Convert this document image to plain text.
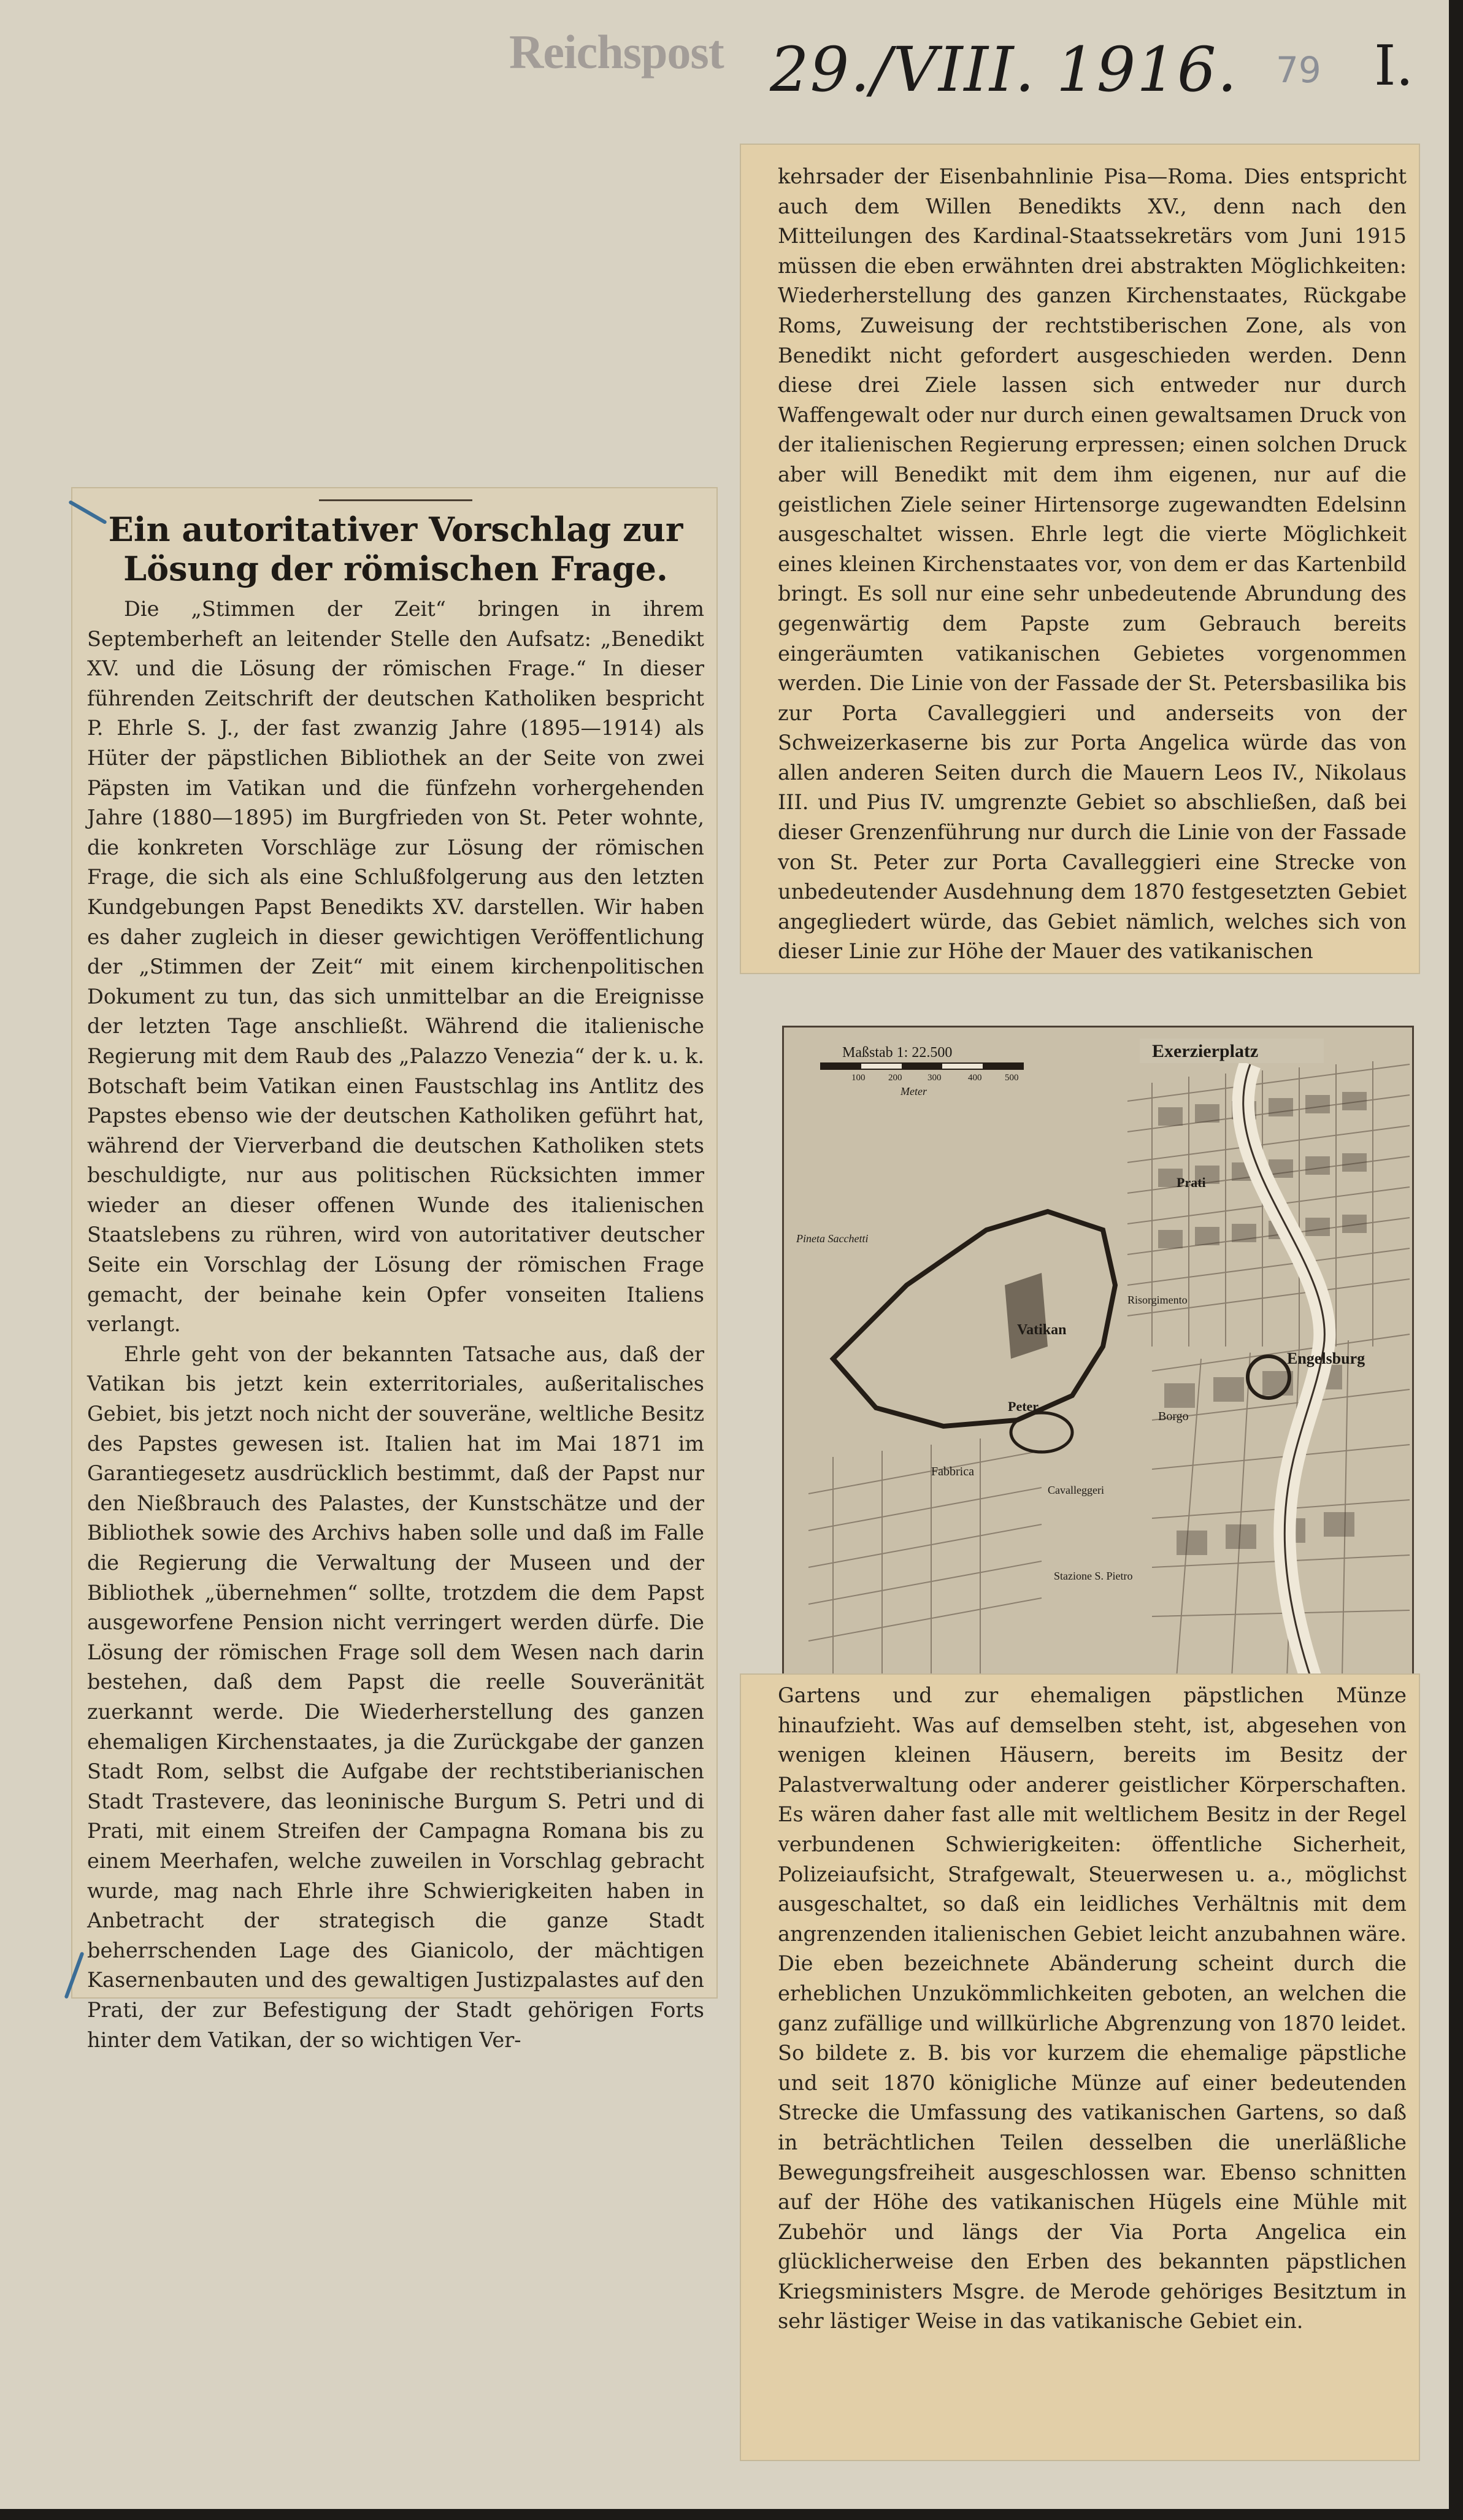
Reichspost 29./VIII. 1916. 79 I.
Ein autoritativer Vorschlag zur
Lösung der römischen Frage.

Die „Stimmen der Zeit“ bringen in ihrem Septemberheft an leitender Stelle den Aufsatz: „Benedikt XV. und die Lösung der römischen Frage.“ In dieser führenden Zeitschrift der deutschen Katholiken bespricht P. Ehrle S. J., der fast zwanzig Jahre (1895—1914) als Hüter der päpstlichen Bibliothek an der Seite von zwei Päpsten im Vatikan und die fünfzehn vorhergehenden Jahre (1880—1895) im Burgfrieden von St. Peter wohnte, die konkreten Vorschläge zur Lösung der römischen Frage, die sich als eine Schlußfolgerung aus den letzten Kundgebungen Papst Benedikts XV. darstellen. Wir haben es daher zugleich in dieser gewichtigen Veröffentlichung der „Stimmen der Zeit“ mit einem kirchenpolitischen Dokument zu tun, das sich unmittelbar an die Ereignisse der letzten Tage anschließt. Während die italienische Regierung mit dem Raub des „Palazzo Venezia“ der k. u. k. Botschaft beim Vatikan einen Faustschlag ins Antlitz des Papstes ebenso wie der deutschen Katholiken geführt hat, während der Vierverband die deutschen Katholiken stets beschuldigte, nur aus politischen Rücksichten immer wieder an dieser offenen Wunde des italienischen Staatslebens zu rühren, wird von autoritativer deutscher Seite ein Vorschlag der Lösung der römischen Frage gemacht, der beinahe kein Opfer vonseiten Italiens verlangt.

Ehrle geht von der bekannten Tatsache aus, daß der Vatikan bis jetzt kein exterritoriales, außeritalisches Gebiet, bis jetzt noch nicht der souveräne, weltliche Besitz des Papstes gewesen ist. Italien hat im Mai 1871 im Garantiegesetz ausdrücklich bestimmt, daß der Papst nur den Nießbrauch des Palastes, der Kunstschätze und der Bibliothek sowie des Archivs haben solle und daß im Falle die Regierung die Verwaltung der Museen und der Bibliothek „übernehmen“ sollte, trotzdem die dem Papst ausgeworfene Pension nicht verringert werden dürfe. Die Lösung der römischen Frage soll dem Wesen nach darin bestehen, daß dem Papst die reelle Souveränität zuerkannt werde. Die Wiederherstellung des ganzen ehemaligen Kirchenstaates, ja die Zurückgabe der ganzen Stadt Rom, selbst die Aufgabe der rechtstiberianischen Stadt Trastevere, das leoninische Burgum S. Petri und di Prati, mit einem Streifen der Campagna Romana bis zu einem Meerhafen, welche zuweilen in Vorschlag gebracht wurde, mag nach Ehrle ihre Schwierigkeiten haben in Anbetracht der strategisch die ganze Stadt beherrschenden Lage des Gianicolo, der mächtigen Kasernenbauten und des gewaltigen Justizpalastes auf den Prati, der zur Befestigung der Stadt gehörigen Forts hinter dem Vatikan, der so wichtigen Ver-

kehrsader der Eisenbahnlinie Pisa—Roma. Dies entspricht auch dem Willen Benedikts XV., denn nach den Mitteilungen des Kardinal-Staatssekretärs vom Juni 1915 müssen die eben erwähnten drei abstrakten Möglichkeiten: Wiederherstellung des ganzen Kirchenstaates, Rückgabe Roms, Zuweisung der rechtstiberischen Zone, als von Benedikt nicht gefordert ausgeschieden werden. Denn diese drei Ziele lassen sich entweder nur durch Waffengewalt oder nur durch einen gewaltsamen Druck von der italienischen Regierung erpressen; einen solchen Druck aber will Benedikt mit dem ihm eigenen, nur auf die geistlichen Ziele seiner Hirtensorge zugewandten Edelsinn ausgeschaltet wissen. Ehrle legt die vierte Möglichkeit eines kleinen Kirchenstaates vor, von dem er das Kartenbild bringt. Es soll nur eine sehr unbedeutende Abrundung des gegenwärtig dem Papste zum Gebrauch bereits eingeräumten vatikanischen Gebietes vorgenommen werden. Die Linie von der Fassade der St. Petersbasilika bis zur Porta Cavalleggieri und anderseits von der Schweizerkaserne bis zur Porta Angelica würde das von allen anderen Seiten durch die Mauern Leos IV., Nikolaus III. und Pius IV. umgrenzte Gebiet so abschließen, daß bei dieser Grenzenführung nur durch die Linie von der Fassade von St. Peter zur Porta Cavalleggieri eine Strecke von unbedeutender Ausdehnung dem 1870 festgesetzten Gebiet angegliedert würde, das Gebiet nämlich, welches sich von dieser Linie zur Höhe der Mauer des vatikanischen

Maßstab 1: 22.500
100	200	300	400	500
Meter
Exerzierplatz
Engelsburg
Vatikan
Peter
Pineta Sacchetti
Fabbrica
Stazione S. Pietro
Risorgimento
Borgo
Cavalleggeri
Prati

Gartens und zur ehemaligen päpstlichen Münze hinaufzieht. Was auf demselben steht, ist, abgesehen von wenigen kleinen Häusern, bereits im Besitz der Palastverwaltung oder anderer geistlicher Körperschaften. Es wären daher fast alle mit weltlichem Besitz in der Regel verbundenen Schwierigkeiten: öffentliche Sicherheit, Polizeiaufsicht, Strafgewalt, Steuerwesen u. a., möglichst ausgeschaltet, so daß ein leidliches Verhältnis mit dem angrenzenden italienischen Gebiet leicht anzubahnen wäre. Die eben bezeichnete Abänderung scheint durch die erheblichen Unzukömmlichkeiten geboten, an welchen die ganz zufällige und willkürliche Abgrenzung von 1870 leidet. So bildete z. B. bis vor kurzem die ehemalige päpstliche und seit 1870 königliche Münze auf einer bedeutenden Strecke die Umfassung des vatikanischen Gartens, so daß in beträchtlichen Teilen desselben die unerläßliche Bewegungsfreiheit ausgeschlossen war. Ebenso schnitten auf der Höhe des vatikanischen Hügels eine Mühle mit Zubehör und längs der Via Porta Angelica ein glücklicherweise den Erben des bekannten päpstlichen Kriegsministers Msgre. de Merode gehöriges Besitztum in sehr lästiger Weise in das vatikanische Gebiet ein.
